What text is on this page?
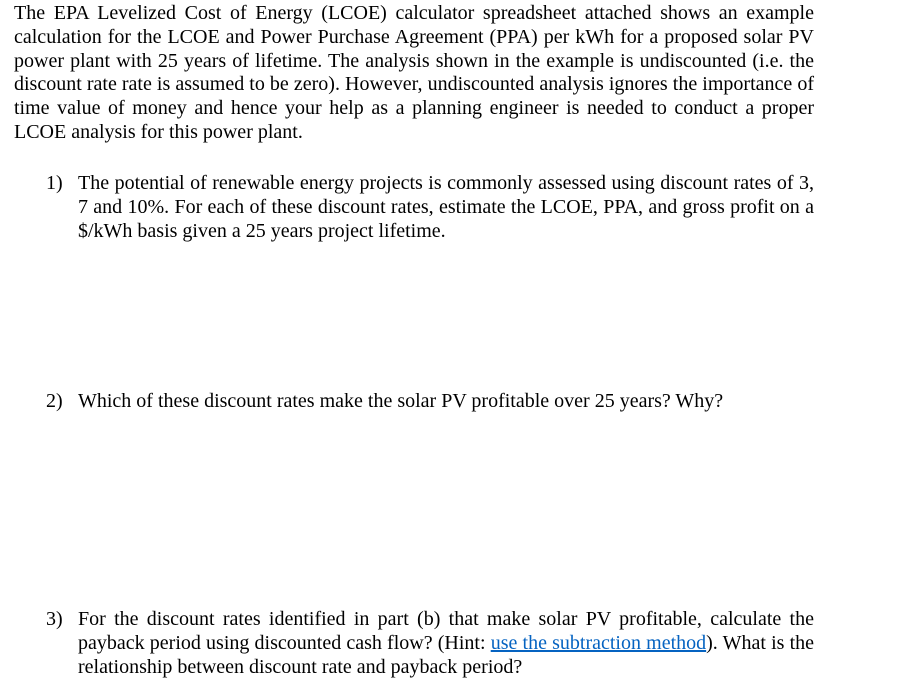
The EPA Levelized Cost of Energy (LCOE) calculator spreadsheet attached shows an example calculation for the LCOE and Power Purchase Agreement (PPA) per kWh for a proposed solar PV power plant with 25 years of lifetime. The analysis shown in the example is undiscounted (i.e. the discount rate rate is assumed to be zero). However, undiscounted analysis ignores the importance of time value of money and hence your help as a planning engineer is needed to conduct a proper LCOE analysis for this power plant.

1) The potential of renewable energy projects is commonly assessed using discount rates of 3, 7 and 10%. For each of these discount rates, estimate the LCOE, PPA, and gross profit on a $/kWh basis given a 25 years project lifetime.
2) Which of these discount rates make the solar PV profitable over 25 years? Why?
3) For the discount rates identified in part (b) that make solar PV profitable, calculate the payback period using discounted cash flow? (Hint: use the subtraction method). What is the relationship between discount rate and payback period?
